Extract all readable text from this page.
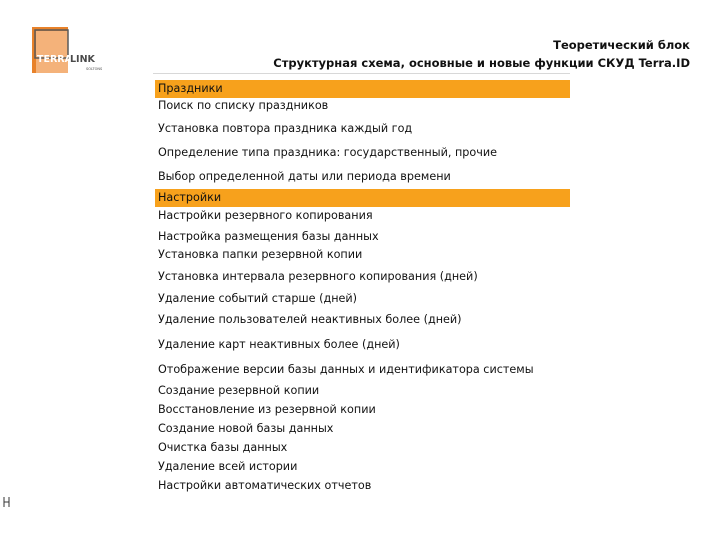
TERRA
LINK
SOLTONS
Теоретический блок
Структурная схема, основные и новые функции СКУД Terra.ID
Праздники
Поиск по списку праздников
Установка повтора праздника каждый год
Определение типа праздника: государственный, прочие
Выбор определенной даты или периода времени
Настройки
Настройки резервного копирования
Настройка размещения базы данных
Установка папки резервной копии
Установка интервала резервного копирования (дней)
Удаление событий старше (дней)
Удаление пользователей неактивных более (дней)
Удаление карт неактивных более (дней)
Отображение версии базы данных и идентификатора системы
Создание резервной копии
Восстановление из резервной копии
Создание новой базы данных
Очистка базы данных
Удаление всей истории
Настройки автоматических отчетов
